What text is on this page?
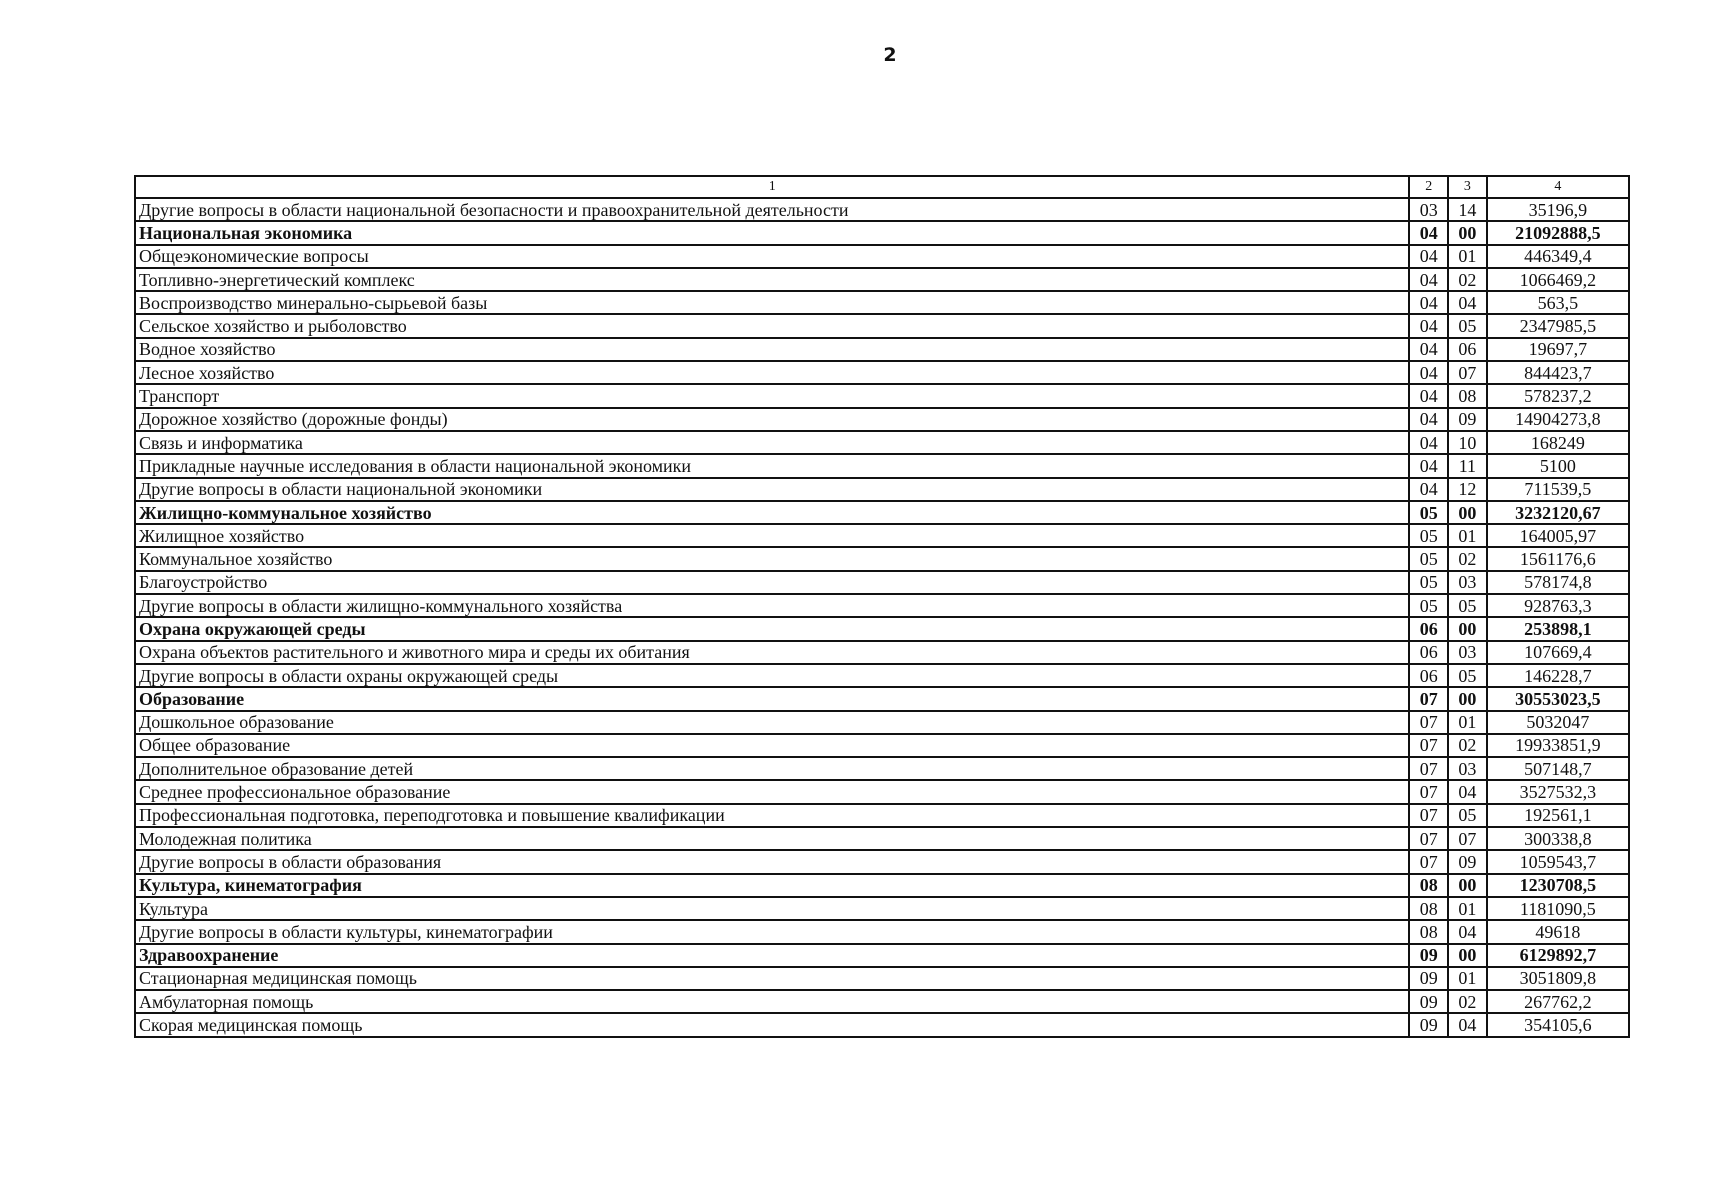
2
1	2	3	4
Другие вопросы в области национальной безопасности и правоохранительной деятельности	03	14	35196,9
Национальная экономика	04	00	21092888,5
Общеэкономические вопросы	04	01	446349,4
Топливно-энергетический комплекс	04	02	1066469,2
Воспроизводство минерально-сырьевой базы	04	04	563,5
Сельское хозяйство и рыболовство	04	05	2347985,5
Водное хозяйство	04	06	19697,7
Лесное хозяйство	04	07	844423,7
Транспорт	04	08	578237,2
Дорожное хозяйство (дорожные фонды)	04	09	14904273,8
Связь и информатика	04	10	168249
Прикладные научные исследования в области национальной экономики	04	11	5100
Другие вопросы в области национальной экономики	04	12	711539,5
Жилищно-коммунальное хозяйство	05	00	3232120,67
Жилищное хозяйство	05	01	164005,97
Коммунальное хозяйство	05	02	1561176,6
Благоустройство	05	03	578174,8
Другие вопросы в области жилищно-коммунального хозяйства	05	05	928763,3
Охрана окружающей среды	06	00	253898,1
Охрана объектов растительного и животного мира и среды их обитания	06	03	107669,4
Другие вопросы в области охраны окружающей среды	06	05	146228,7
Образование	07	00	30553023,5
Дошкольное образование	07	01	5032047
Общее образование	07	02	19933851,9
Дополнительное образование детей	07	03	507148,7
Среднее профессиональное образование	07	04	3527532,3
Профессиональная подготовка, переподготовка и повышение квалификации	07	05	192561,1
Молодежная политика	07	07	300338,8
Другие вопросы в области образования	07	09	1059543,7
Культура, кинематография	08	00	1230708,5
Культура	08	01	1181090,5
Другие вопросы в области культуры, кинематографии	08	04	49618
Здравоохранение	09	00	6129892,7
Стационарная медицинская помощь	09	01	3051809,8
Амбулаторная помощь	09	02	267762,2
Скорая медицинская помощь	09	04	354105,6
